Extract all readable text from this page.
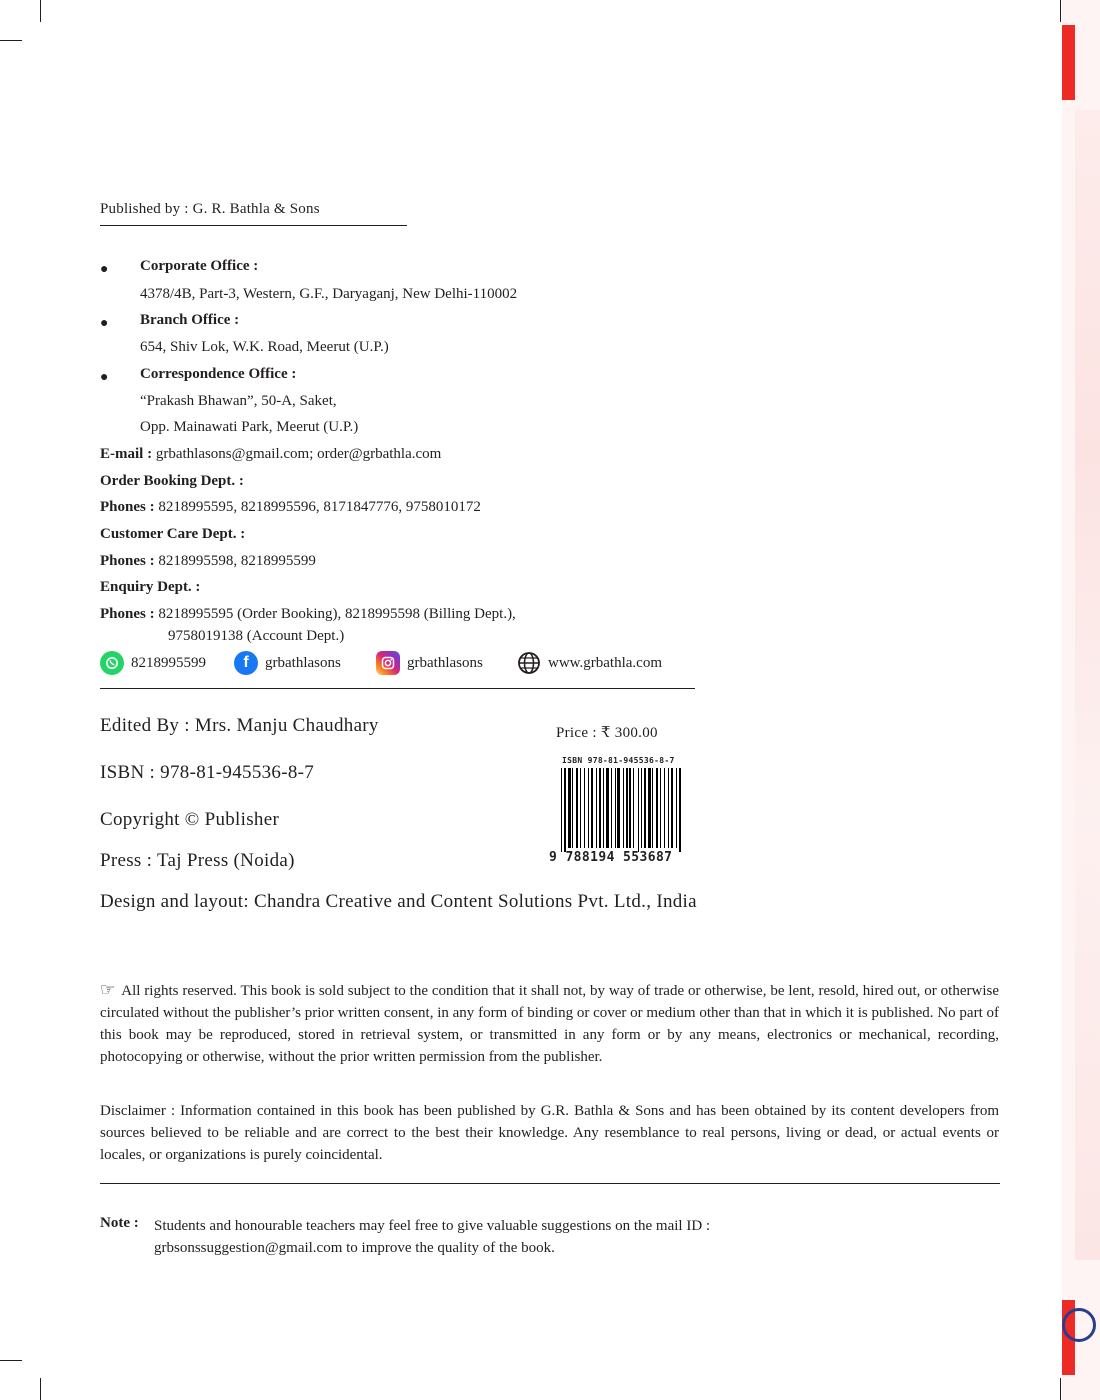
Published by : G. R. Bathla & Sons
● Corporate Office :
4378/4B, Part-3, Western, G.F., Daryaganj, New Delhi-110002
● Branch Office :
654, Shiv Lok, W.K. Road, Meerut (U.P.)
● Correspondence Office :
“Prakash Bhawan”, 50-A, Saket,
Opp. Mainawati Park, Meerut (U.P.)
E-mail : grbathlasons@gmail.com; order@grbathla.com
Order Booking Dept. :
Phones : 8218995595, 8218995596, 8171847776, 9758010172
Customer Care Dept. :
Phones : 8218995598, 8218995599
Enquiry Dept. :
Phones : 8218995595 (Order Booking), 8218995598 (Billing Dept.),
9758019138 (Account Dept.)
8218995599	f	grbathlasons	grbathlasons	www.grbathla.com
Edited By : Mrs. Manju Chaudhary
ISBN : 978-81-945536-8-7
Copyright © Publisher
Press : Taj Press (Noida)
Design and layout: Chandra Creative and Content Solutions Pvt. Ltd., India
Price : ₹ 300.00
ISBN 978-81-945536-8-7
9 788194 553687
☞ All rights reserved. This book is sold subject to the condition that it shall not, by way of trade or otherwise, be lent, resold, hired out, or otherwise circulated without the publisher’s prior written consent, in any form of binding or cover or medium other than that in which it is published. No part of this book may be reproduced, stored in retrieval system, or transmitted in any form or by any means, electronics or mechanical, recording, photocopying or otherwise, without the prior written permission from the publisher.
Disclaimer : Information contained in this book has been published by G.R. Bathla & Sons and has been obtained by its content developers from sources believed to be reliable and are correct to the best their knowledge. Any resemblance to real persons, living or dead, or actual events or locales, or organizations is purely coincidental.
Note : Students and honourable teachers may feel free to give valuable suggestions on the mail ID :
grbsonssuggestion@gmail.com to improve the quality of the book.
